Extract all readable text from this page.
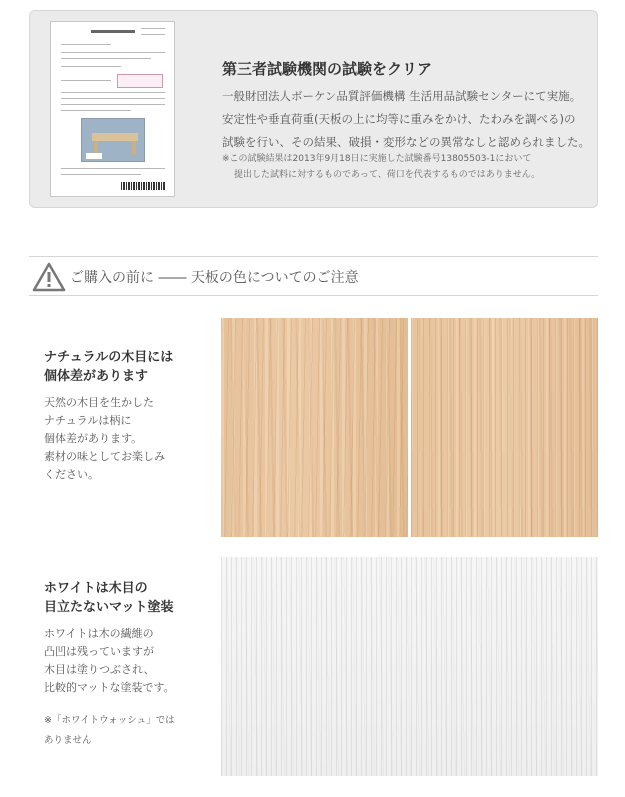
第三者試験機関の試験をクリア

一般財団法人ボーケン品質評価機構 生活用品試験センターにて実施。

安定性や垂直荷重(天板の上に均等に重みをかけ、たわみを調べる)の

試験を行い、その結果、破損・変形などの異常なしと認められました。

※この試験結果は2013年9月18日に実施した試験番号13805503-1において

提出した試料に対するものであって、荷口を代表するものではありません。

ご購入の前に ―― 天板の色についてのご注意

ナチュラルの木目には

個体差があります

天然の木目を生かした

ナチュラルは柄に

個体差があります。

素材の味としてお楽しみ

ください。

ホワイトは木目の

目立たないマット塗装

ホワイトは木の繊維の

凸凹は残っていますが

木目は塗りつぶされ、

比較的マットな塗装です。

※「ホワイトウォッシュ」では

ありません
